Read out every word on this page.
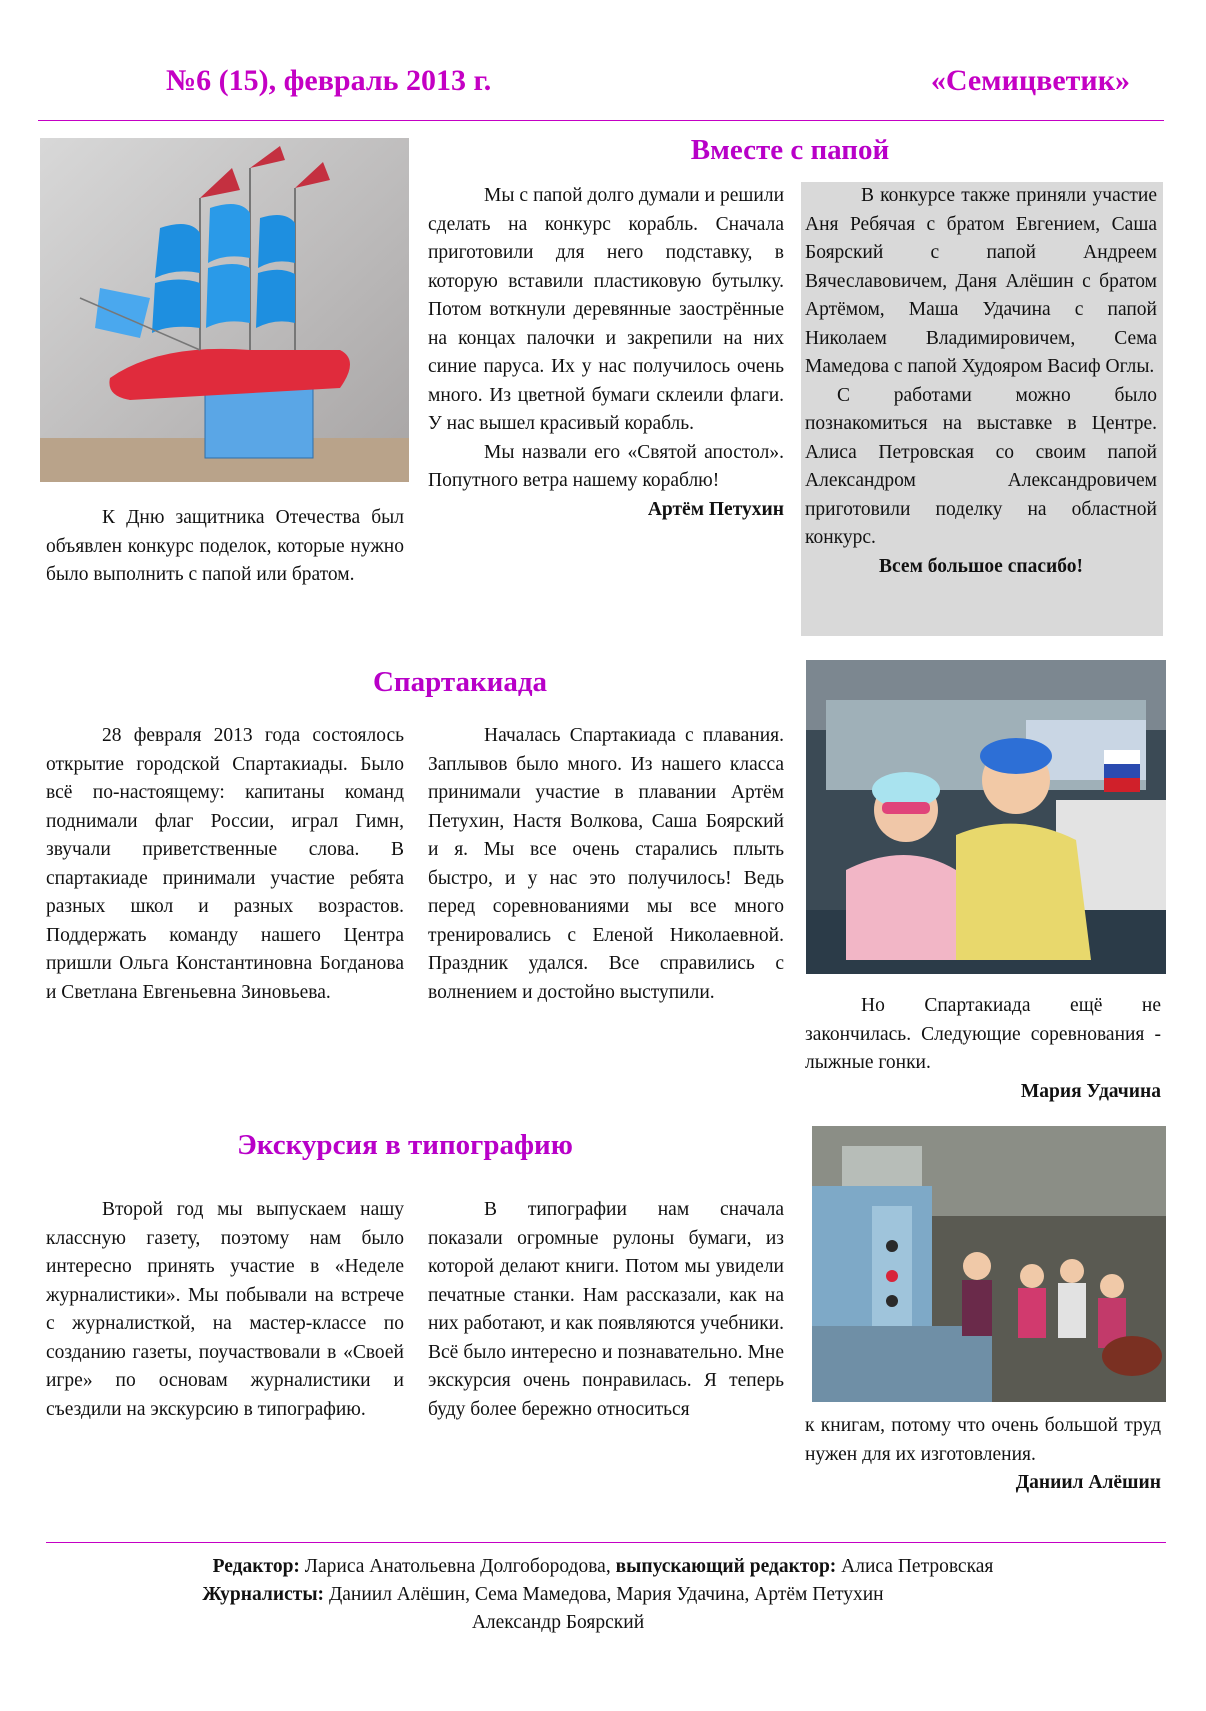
№6 (15), февраль 2013 г.	«Семицветик»
Вместе с папой

К Дню защитника Отечества был объявлен конкурс поделок, которые нужно было выполнить с папой или братом.

Мы с папой долго думали и решили сделать на конкурс корабль. Сначала приготовили для него подставку, в которую вставили пластиковую бутылку. Потом воткнули деревянные заострённые на концах палочки и закрепили на них синие паруса. Их у нас получилось очень много. Из цветной бумаги склеили флаги. У нас вышел красивый корабль.

Мы назвали его «Святой апостол». Попутного ветра нашему кораблю!

Артём Петухин

В конкурсе также приняли участие Аня Ребячая с братом Евгением, Саша Боярский с папой Андреем Вячеславовичем, Даня Алёшин с братом Артёмом, Маша Удачина с папой Николаем Владимировичем, Сема Мамедова с папой Худояром Васиф Оглы.

С работами можно было познакомиться на выставке в Центре. Алиса Петровская со своим папой Александром Александровичем приготовили поделку на областной конкурс.

Всем большое спасибо!
Спартакиада

28 февраля 2013 года состоялось открытие городской Спартакиады. Было всё по-настоящему: капитаны команд поднимали флаг России, играл Гимн, звучали приветственные слова. В спартакиаде принимали участие ребята разных школ и разных возрастов. Поддержать команду нашего Центра пришли Ольга Константиновна Богданова и Светлана Евгеньевна Зиновьева.

Началась Спартакиада с плавания. Заплывов было много. Из нашего класса принимали участие в плавании Артём Петухин, Настя Волкова, Саша Боярский и я. Мы все очень старались плыть быстро, и у нас это получилось! Ведь перед соревнованиями мы все много тренировались с Еленой Николаевной. Праздник удался. Все справились с волнением и достойно выступили.

Но Спартакиада ещё не закончилась. Следующие соревнования - лыжные гонки.

Мария Удачина
Экскурсия в типографию

Второй год мы выпускаем нашу классную газету, поэтому нам было интересно принять участие в «Неделе журналистики». Мы побывали на встрече с журналисткой, на мастер-классе по созданию газеты, поучаствовали в «Своей игре» по основам журналистики и съездили на экскурсию в типографию.

В типографии нам сначала показали огромные рулоны бумаги, из которой делают книги. Потом мы увидели печатные станки. Нам рассказали, как на них работают, и как появляются учебники. Всё было интересно и познавательно. Мне экскурсия очень понравилась. Я теперь буду более бережно относиться

к книгам, потому что очень большой труд нужен для их изготовления.

Даниил Алёшин
Редактор: Лариса Анатольевна Долгобородова, выпускающий редактор: Алиса Петровская
Журналисты: Даниил Алёшин, Сема Мамедова, Мария Удачина, Артём Петухин
Александр Боярский
